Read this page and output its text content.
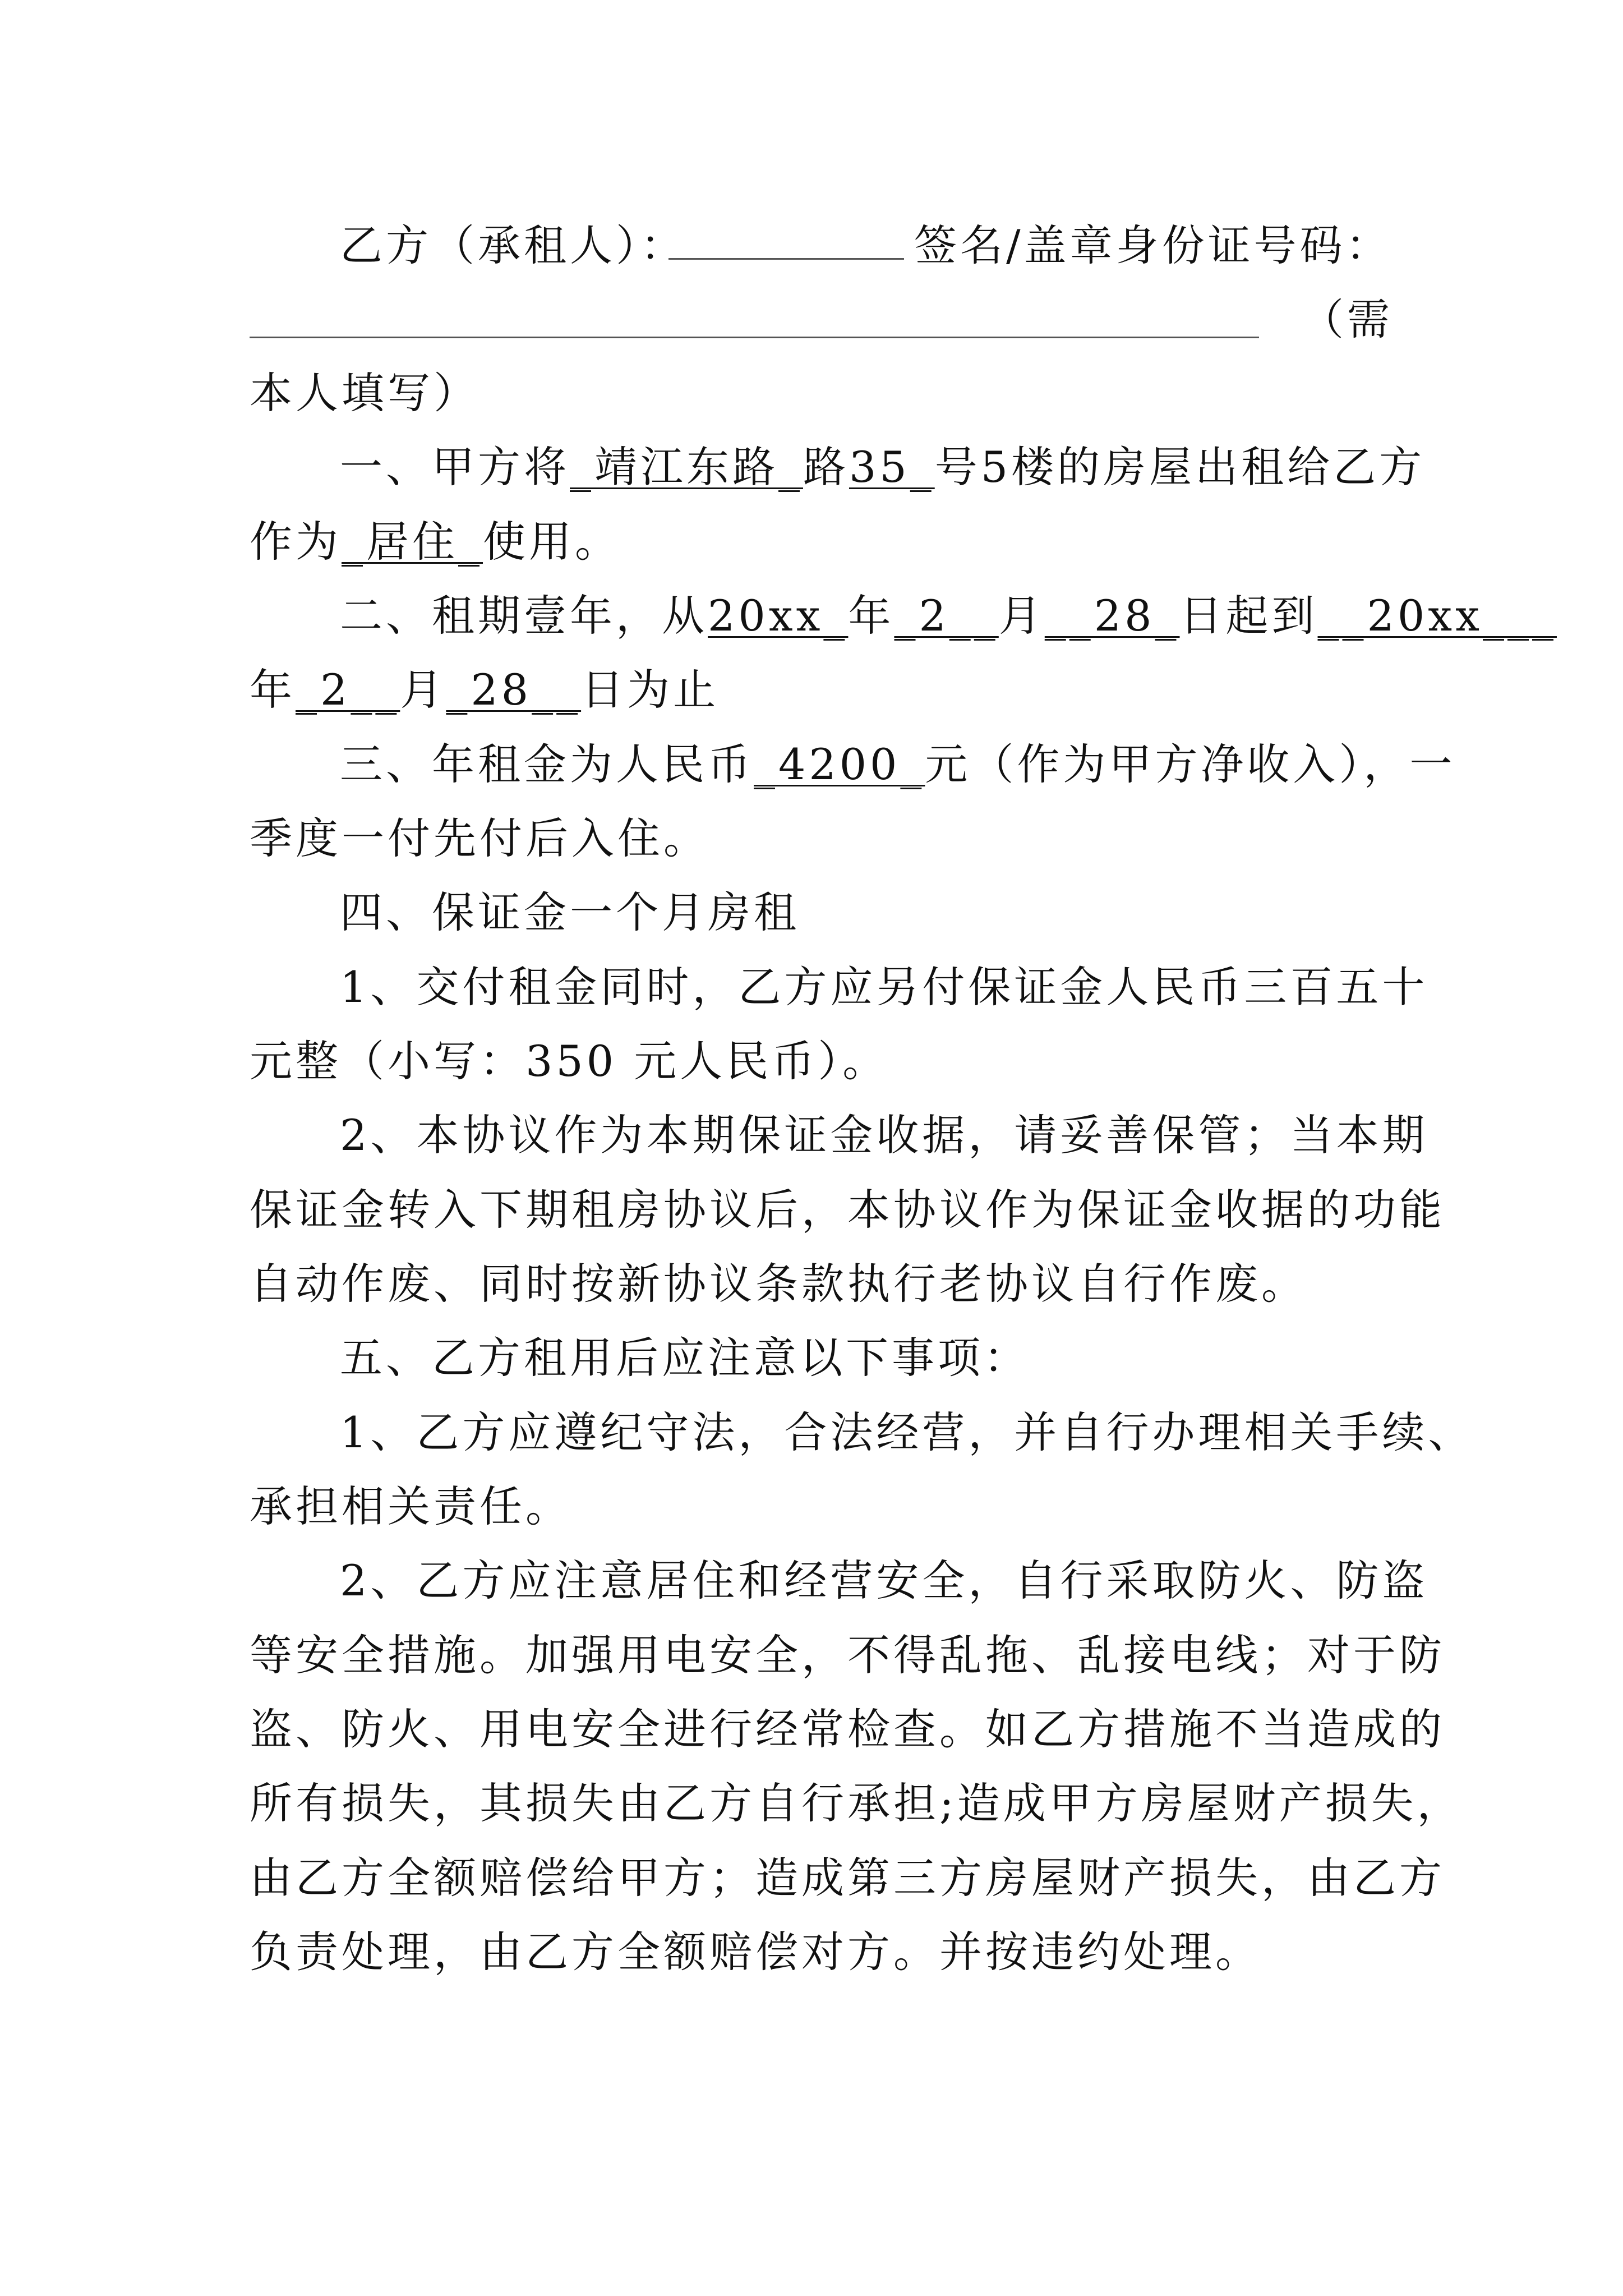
乙方（承租人）：	签名/盖章身份证号码：
（需
本人填写）
一、甲方将_靖江东路_路35_号5楼的房屋出租给乙方
作为_居住_使用。
二、租期壹年，从20xx_年_2__月__28_日起到__20xx___
年_2__月_28__日为止
三、年租金为人民币_4200_元（作为甲方净收入），一
季度一付先付后入住。
四、保证金一个月房租
1、交付租金同时，乙方应另付保证金人民币三百五十
元整（小写：350 元人民币）。
2、本协议作为本期保证金收据，请妥善保管；当本期
保证金转入下期租房协议后，本协议作为保证金收据的功能
自动作废、同时按新协议条款执行老协议自行作废。
五、乙方租用后应注意以下事项：
1、乙方应遵纪守法，合法经营，并自行办理相关手续、
承担相关责任。
2、乙方应注意居住和经营安全，自行采取防火、防盗
等安全措施。加强用电安全，不得乱拖、乱接电线；对于防
盗、防火、用电安全进行经常检查。如乙方措施不当造成的
所有损失，其损失由乙方自行承担;造成甲方房屋财产损失，
由乙方全额赔偿给甲方；造成第三方房屋财产损失，由乙方
负责处理，由乙方全额赔偿对方。并按违约处理。
